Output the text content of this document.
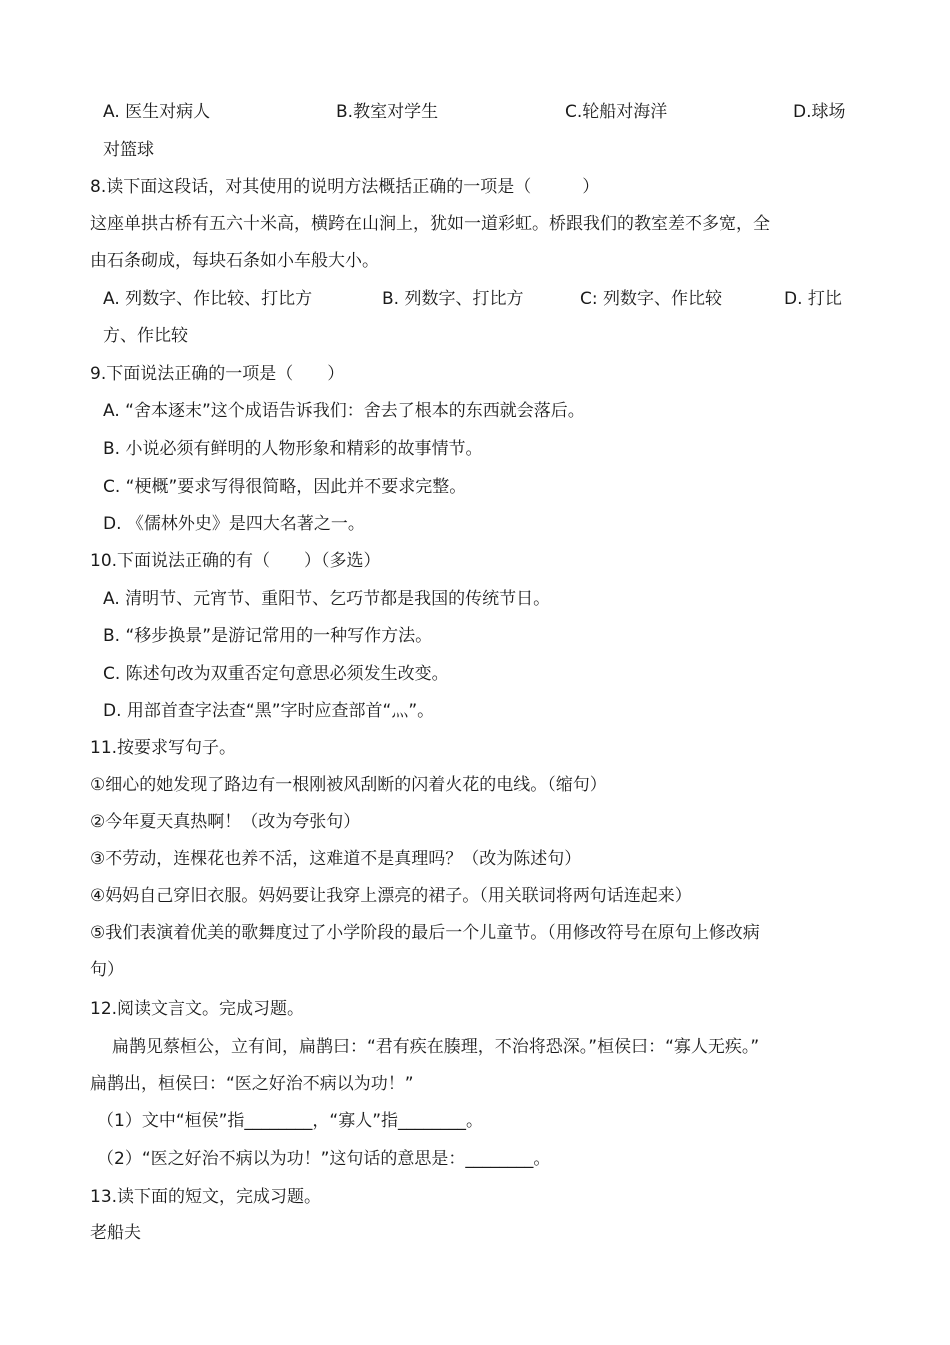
A. 医生对病人	B.教室对学生	C.轮船对海洋	D.球场
对篮球
8.读下面这段话，对其使用的说明方法概括正确的一项是（　　　）
这座单拱古桥有五六十米高，横跨在山涧上，犹如一道彩虹。桥跟我们的教室差不多宽，全
由石条砌成，每块石条如小车般大小。
A. 列数字、作比较、打比方	B. 列数字、打比方	C: 列数字、作比较	D. 打比
方、作比较
9.下面说法正确的一项是（　　）
A. “舍本逐末”这个成语告诉我们：舍去了根本的东西就会落后。
B. 小说必须有鲜明的人物形象和精彩的故事情节。
C. “梗概”要求写得很简略，因此并不要求完整。
D. 《儒林外史》是四大名著之一。
10.下面说法正确的有（　　）（多选）
A. 清明节、元宵节、重阳节、乞巧节都是我国的传统节日。
B. “移步换景”是游记常用的一种写作方法。
C. 陈述句改为双重否定句意思必须发生改变。
D. 用部首查字法查“黑”字时应查部首“灬”。
11.按要求写句子。
①细心的她发现了路边有一根刚被风刮断的闪着火花的电线。（缩句）
②今年夏天真热啊！（改为夸张句）
③不劳动，连棵花也养不活，这难道不是真理吗？（改为陈述句）
④妈妈自己穿旧衣服。妈妈要让我穿上漂亮的裙子。（用关联词将两句话连起来）
⑤我们表演着优美的歌舞度过了小学阶段的最后一个儿童节。（用修改符号在原句上修改病
句）
12.阅读文言文。完成习题。
扁鹊见蔡桓公，立有间，扁鹊曰：“君有疾在腠理，不治将恐深。”桓侯曰：“寡人无疾。”
扁鹊出，桓侯曰：“医之好治不病以为功！”
（1）文中“桓侯”指________，“寡人”指________。
（2）“医之好治不病以为功！”这句话的意思是：________。
13.读下面的短文，完成习题。
老船夫
